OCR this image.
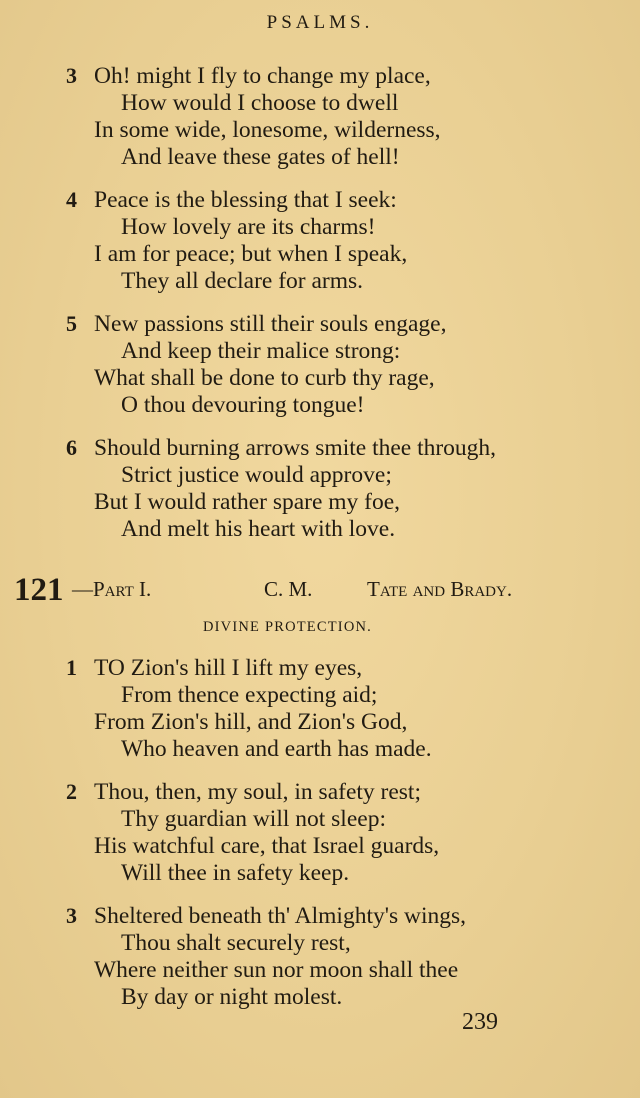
PSALMS.
3 Oh! might I fly to change my place,
How would I choose to dwell
In some wide, lonesome, wilderness,
And leave these gates of hell!
4 Peace is the blessing that I seek:
How lovely are its charms!
I am for peace; but when I speak,
They all declare for arms.
5 New passions still their souls engage,
And keep their malice strong:
What shall be done to curb thy rage,
O thou devouring tongue!
6 Should burning arrows smite thee through,
Strict justice would approve;
But I would rather spare my foe,
And melt his heart with love.
121 —Part I.	C. M.	Tate and Brady.
DIVINE PROTECTION.
1 TO Zion's hill I lift my eyes,
From thence expecting aid;
From Zion's hill, and Zion's God,
Who heaven and earth has made.
2 Thou, then, my soul, in safety rest;
Thy guardian will not sleep:
His watchful care, that Israel guards,
Will thee in safety keep.
3 Sheltered beneath th' Almighty's wings,
Thou shalt securely rest,
Where neither sun nor moon shall thee
By day or night molest.
239
